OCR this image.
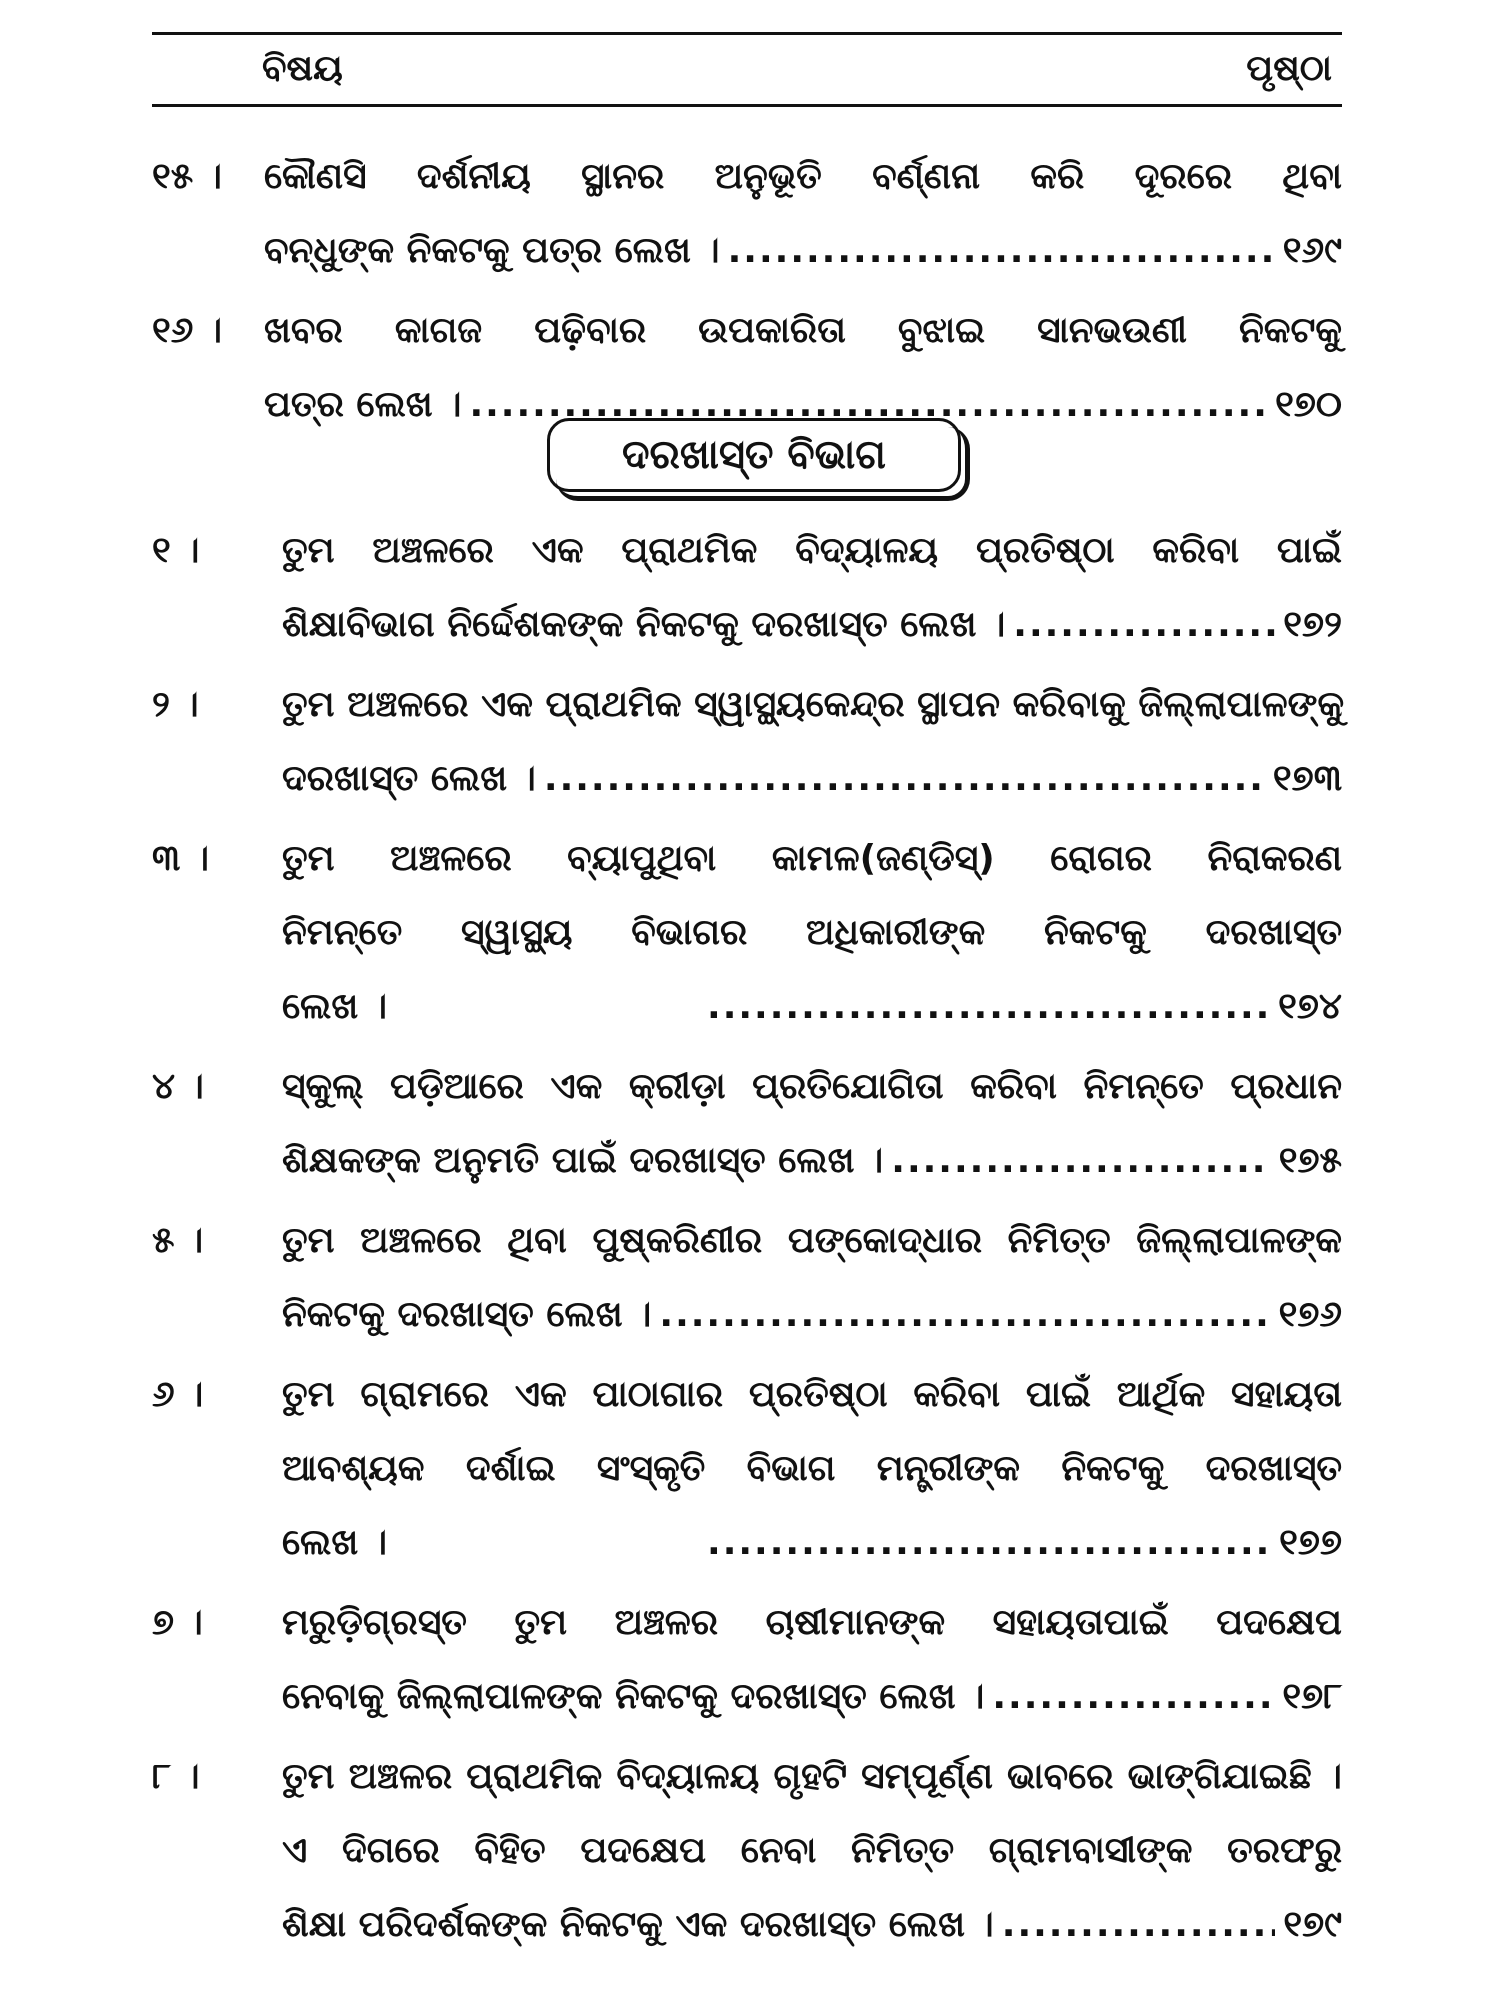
ବିଷୟ	ପୃଷ୍ଠା
୧୫ । କୌଣସି ଦର୍ଶନୀୟ ସ୍ଥାନର ଅନୁଭୂତି ବର୍ଣ୍ଣନା କରି ଦୂରରେ ଥିବା
ବନ୍ଧୁଙ୍କ ନିକଟକୁ ପତ୍ର ଲେଖ । .....	୧୬୯
୧୬ । ଖବର କାଗଜ ପଢ଼ିବାର ଉପକାରିତା ବୁଝାଇ ସାନଭଉଣୀ ନିକଟକୁ
ପତ୍ର ଲେଖ । .....	୧୭୦
ଦରଖାସ୍ତ ବିଭାଗ
୧ । ତୁମ ଅଞ୍ଚଳରେ ଏକ ପ୍ରାଥମିକ ବିଦ୍ୟାଳୟ ପ୍ରତିଷ୍ଠା କରିବା ପାଇଁ
ଶିକ୍ଷାବିଭାଗ ନିର୍ଦ୍ଦେଶକଙ୍କ ନିକଟକୁ ଦରଖାସ୍ତ ଲେଖ । .....	୧୭୨
୨ । ତୁମ ଅଞ୍ଚଳରେ ଏକ ପ୍ରାଥମିକ ସ୍ୱାସ୍ଥ୍ୟକେନ୍ଦ୍ର ସ୍ଥାପନ କରିବାକୁ ଜିଲ୍ଲାପାଳଙ୍କୁ
ଦରଖାସ୍ତ ଲେଖ । .....	୧୭୩
୩ । ତୁମ ଅଞ୍ଚଳରେ ବ୍ୟାପୁଥିବା କାମଳ(ଜଣ୍ଡିସ୍) ରୋଗର ନିରାକରଣ
ନିମନ୍ତେ ସ୍ୱାସ୍ଥ୍ୟ ବିଭାଗର ଅଧିକାରୀଙ୍କ ନିକଟକୁ ଦରଖାସ୍ତ
ଲେଖ । .....	୧୭୪
୪ । ସ୍କୁଲ୍ ପଡ଼ିଆରେ ଏକ କ୍ରୀଡ଼ା ପ୍ରତିଯୋଗିତା କରିବା ନିମନ୍ତେ ପ୍ରଧାନ
ଶିକ୍ଷକଙ୍କ ଅନୁମତି ପାଇଁ ଦରଖାସ୍ତ ଲେଖ । .....	୧୭୫
୫ । ତୁମ ଅଞ୍ଚଳରେ ଥିବା ପୁଷ୍କରିଣୀର ପଙ୍କୋଦ୍ଧାର ନିମିତ୍ତ ଜିଲ୍ଲାପାଳଙ୍କ
ନିକଟକୁ ଦରଖାସ୍ତ ଲେଖ । .....	୧୭୬
୬ । ତୁମ ଗ୍ରାମରେ ଏକ ପାଠାଗାର ପ୍ରତିଷ୍ଠା କରିବା ପାଇଁ ଆର୍ଥିକ ସହାୟତା
ଆବଶ୍ୟକ ଦର୍ଶାଇ ସଂସ୍କୃତି ବିଭାଗ ମନ୍ତ୍ରୀଙ୍କ ନିକଟକୁ ଦରଖାସ୍ତ
ଲେଖ । .....	୧୭୭
୭ । ମରୁଡ଼ିଗ୍ରସ୍ତ ତୁମ ଅଞ୍ଚଳର ଚାଷୀମାନଙ୍କ ସହାୟତାପାଇଁ ପଦକ୍ଷେପ
ନେବାକୁ ଜିଲ୍ଲାପାଳଙ୍କ ନିକଟକୁ ଦରଖାସ୍ତ ଲେଖ । .....	୧୭୮
୮ । ତୁମ ଅଞ୍ଚଳର ପ୍ରାଥମିକ ବିଦ୍ୟାଳୟ ଗୃହଟି ସମ୍ପୂର୍ଣ୍ଣ ଭାବରେ ଭାଙ୍ଗିଯାଇଛି ।
ଏ ଦିଗରେ ବିହିତ ପଦକ୍ଷେପ ନେବା ନିମିତ୍ତ ଗ୍ରାମବାସୀଙ୍କ ତରଫରୁ
ଶିକ୍ଷା ପରିଦର୍ଶକଙ୍କ ନିକଟକୁ ଏକ ଦରଖାସ୍ତ ଲେଖ । .....	୧୭୯
